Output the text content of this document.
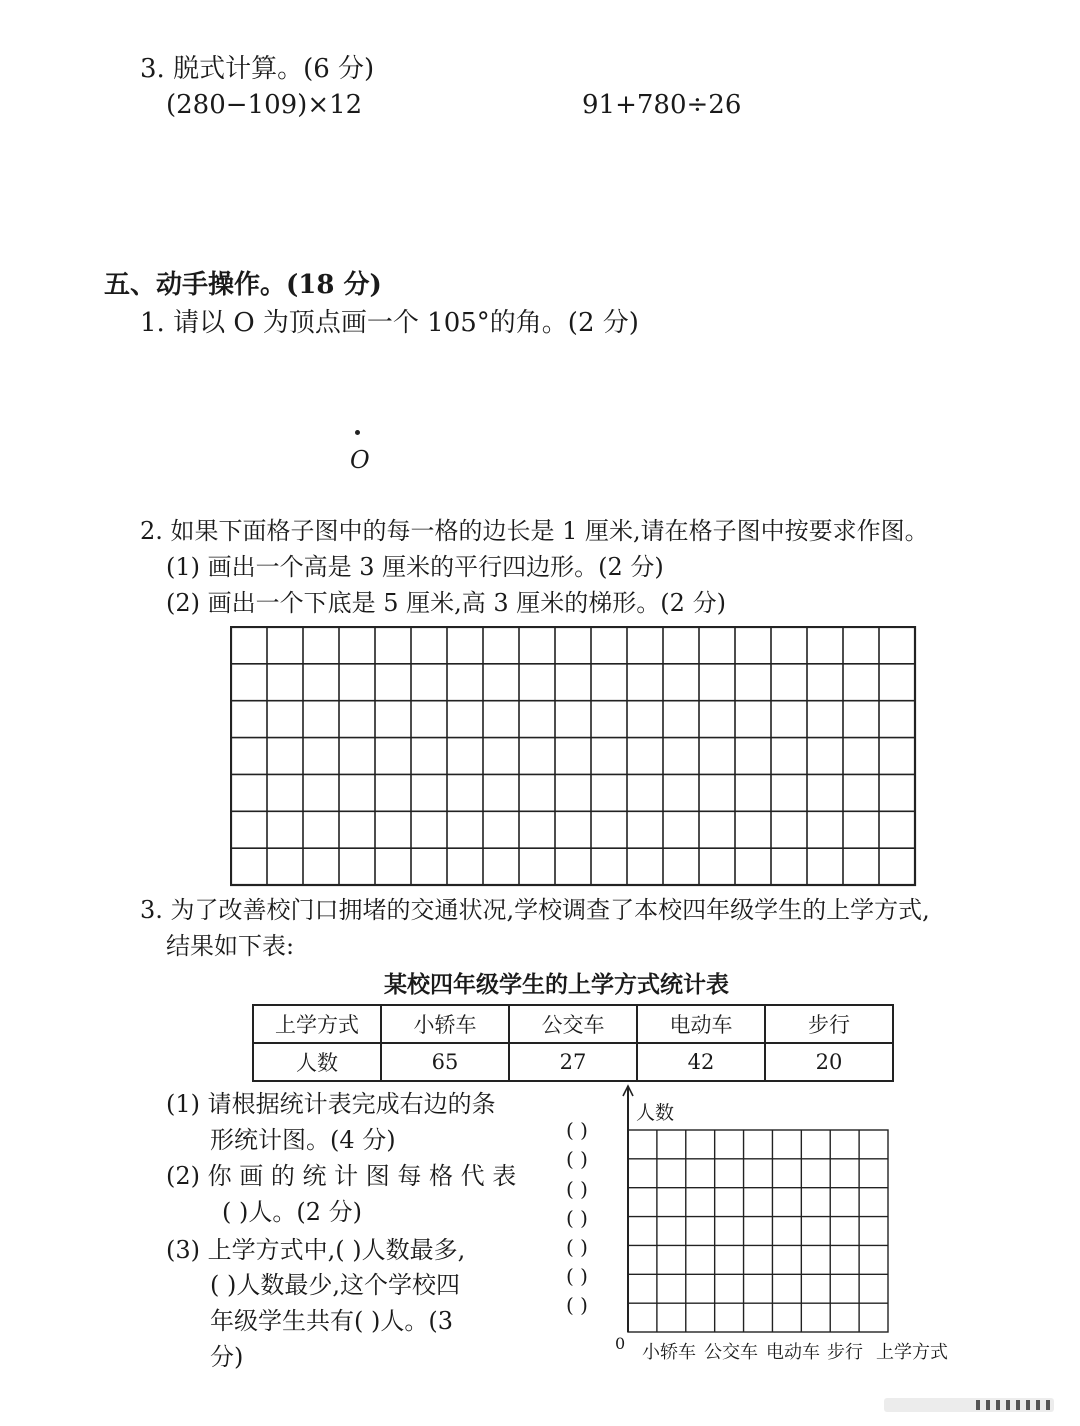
3. 脱式计算。(6 分)
(280−109)×12	91+780÷26
五、动手操作。(18 分)
1. 请以 O 为顶点画一个 105°的角。(2 分)
O
2. 如果下面格子图中的每一格的边长是 1 厘米,请在格子图中按要求作图。
(1) 画出一个高是 3 厘米的平行四边形。(2 分)
(2) 画出一个下底是 5 厘米,高 3 厘米的梯形。(2 分)
3. 为了改善校门口拥堵的交通状况,学校调查了本校四年级学生的上学方式,
结果如下表:
某校四年级学生的上学方式统计表
上学方式	小轿车	公交车	电动车	步行
人数	65	27	42	20
(1) 请根据统计表完成右边的条
形统计图。(4 分)
(2) 你 画 的 统 计 图 每 格 代 表
( )人。(2 分)
(3) 上学方式中,( )人数最多,
( )人数最少,这个学校四
年级学生共有( )人。(3
分)
人数
0
( )
( )
( )
( )
( )
( )
( )
小轿车 公交车 电动车 步行 上学方式
